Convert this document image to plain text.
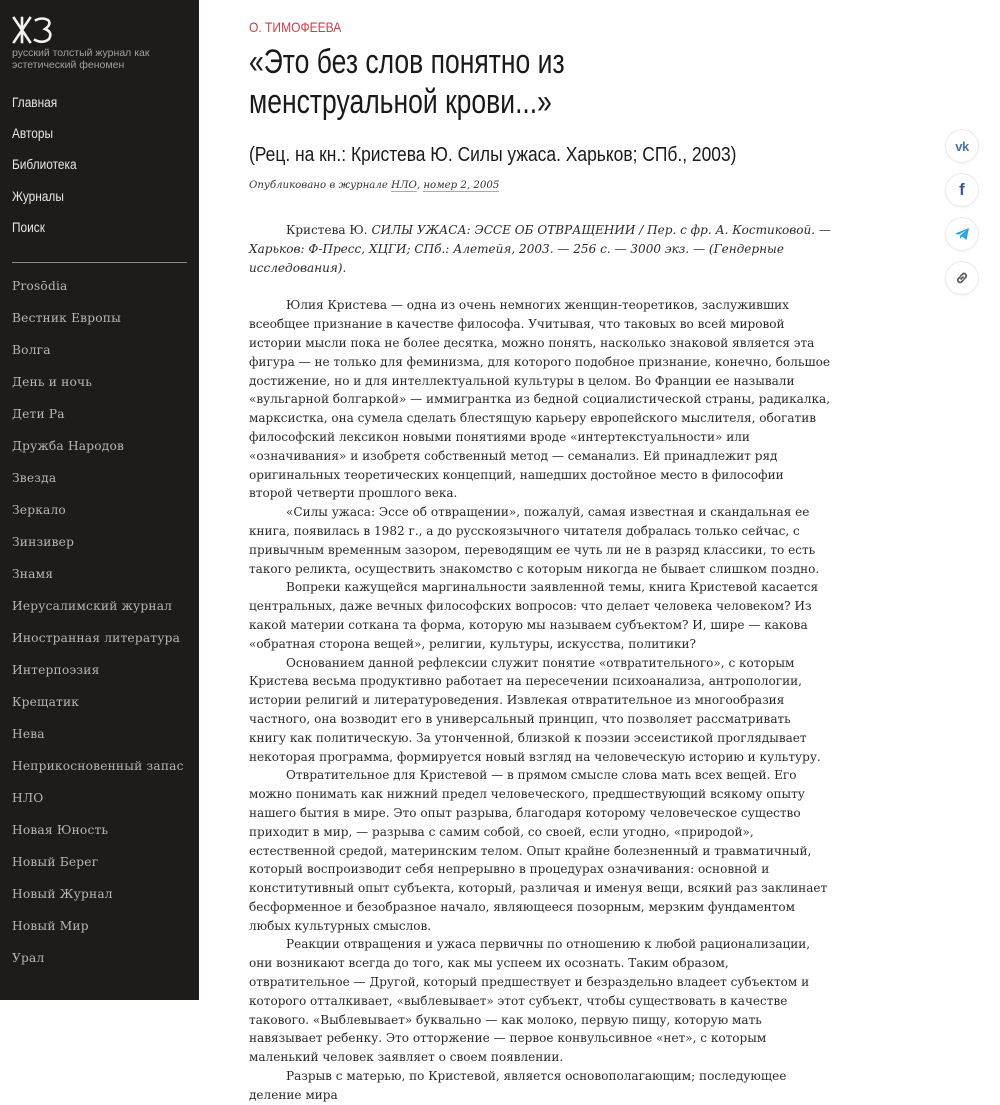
русский толстый журнал как эстетический феномен
Главная
Авторы
Библиотека
Журналы
Поиск
Prosōdia
Вестник Европы
Волга
День и ночь
Дети Ра
Дружба Народов
Звезда
Зеркало
Зинзивер
Знамя
Иерусалимский журнал
Иностранная литература
Интерпоэзия
Крещатик
Нева
Неприкосновенный запас
НЛО
Новая Юность
Новый Берег
Новый Журнал
Новый Мир
Урал
О. ТИМОФЕЕВА
«Это без слов понятно из менструальной крови...»
(Рец. на кн.: Кристева Ю. Силы ужаса. Харьков; СПб., 2003)
Опубликовано в журнале НЛО, номер 2, 2005

Кристева Ю. СИЛЫ УЖАСА: ЭССЕ ОБ ОТВРАЩЕНИИ / Пер. с фр. А. Костиковой. — Харьков: Ф-Пресс, ХЦГИ; СПб.: Алетейя, 2003. — 256 с. — 3000 экз. — (Гендерные исследования).

Юлия Кристева — одна из очень немногих женщин-теоретиков, заслуживших всеобщее признание в качестве философа. Учитывая, что таковых во всей мировой истории мысли пока не более десятка, можно понять, насколько знаковой является эта фигура — не только для феминизма, для которого подобное признание, конечно, большое достижение, но и для интеллектуальной культуры в целом. Во Франции ее называли «вульгарной болгаркой» — иммигрантка из бедной социалистической страны, радикалка, марксистка, она сумела сделать блестящую карьеру европейского мыслителя, обогатив философский лексикон новыми понятиями вроде «интертекстуальности» или «означивания» и изобретя собственный метод — семанализ. Ей принадлежит ряд оригинальных теоретических концепций, нашедших достойное место в философии второй четверти прошлого века.

«Силы ужаса: Эссе об отвращении», пожалуй, самая известная и скандальная ее книга, появилась в 1982 г., а до русскоязычного читателя добралась только сейчас, с привычным временным зазором, переводящим ее чуть ли не в разряд классики, то есть такого реликта, осуществить знакомство с которым никогда не бывает слишком поздно.

Вопреки кажущейся маргинальности заявленной темы, книга Кристевой касается центральных, даже вечных философских вопросов: что делает человека человеком? Из какой материи соткана та форма, которую мы называем субъектом? И, шире — какова «обратная сторона вещей», религии, культуры, искусства, политики?

Основанием данной рефлексии служит понятие «отвратительного», с которым Кристева весьма продуктивно работает на пересечении психоанализа, антропологии, истории религий и литературоведения. Извлекая отвратительное из многообразия частного, она возводит его в универсальный принцип, что позволяет рассматривать книгу как политическую. За утонченной, близкой к поэзии эссеистикой проглядывает некоторая программа, формируется новый взгляд на человеческую историю и культуру.

Отвратительное для Кристевой — в прямом смысле слова мать всех вещей. Его можно понимать как нижний предел человеческого, предшествующий всякому опыту нашего бытия в мире. Это опыт разрыва, благодаря которому человеческое существо приходит в мир, — разрыва с самим собой, со своей, если угодно, «природой», естественной средой, материнским телом. Опыт крайне болезненный и травматичный, который воспроизводит себя непрерывно в процедурах означивания: основной и конститутивный опыт субъекта, который, различая и именуя вещи, всякий раз заклинает бесформенное и безобразное начало, являющееся позорным, мерзким фундаментом любых культурных смыслов.

Реакции отвращения и ужаса первичны по отношению к любой рационализации, они возникают всегда до того, как мы успеем их осознать. Таким образом, отвратительное — Другой, который предшествует и безраздельно владеет субъектом и которого отталкивает, «выблевывает» этот субъект, чтобы существовать в качестве такового. «Выблевывает» буквально — как молоко, первую пищу, которую мать навязывает ребенку. Это отторжение — первое конвульсивное «нет», с которым маленький человек заявляет о своем появлении.

Разрыв с матерью, по Кристевой, является основополагающим; последующее деление мира

vk
f
